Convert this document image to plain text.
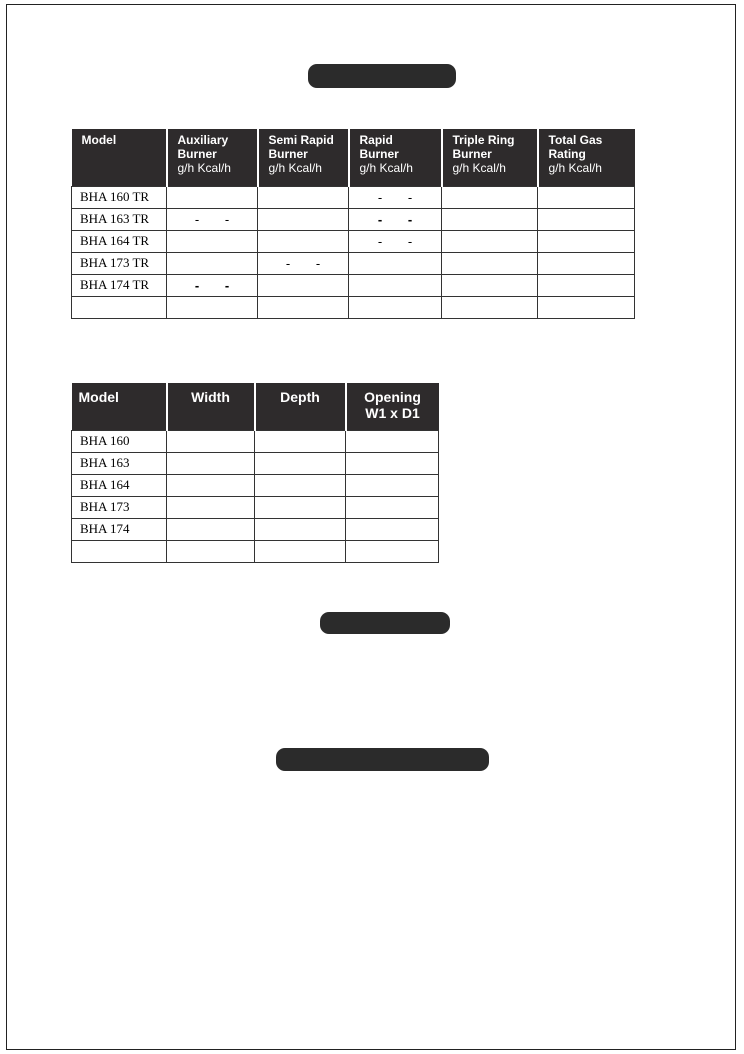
Model	Auxiliary
Burner
g/h Kcal/h	Semi Rapid
Burner
g/h Kcal/h	Rapid
Burner
g/h Kcal/h	Triple Ring
Burner
g/h Kcal/h	Total Gas
Rating
g/h Kcal/h
BHA 160 TR			- -		
BHA 163 TR	- -		- -		
BHA 164 TR			- -		
BHA 173 TR		- -			
BHA 174 TR	- -				

Model	Width	Depth	Opening
W1 x D1
BHA 160			
BHA 163			
BHA 164			
BHA 173			
BHA 174			
